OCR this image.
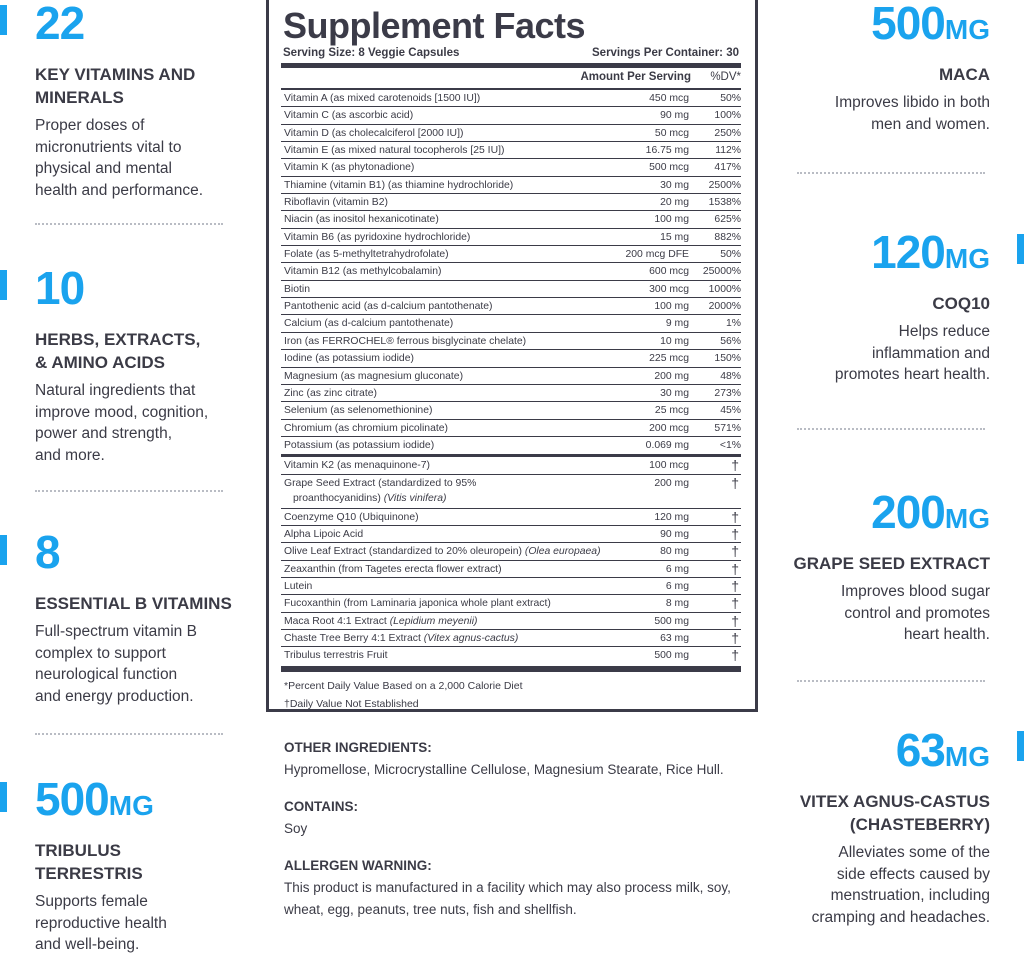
22
KEY VITAMINS AND
MINERALS
Proper doses of
micronutrients vital to
physical and mental
health and performance.
10
HERBS, EXTRACTS,
& AMINO ACIDS
Natural ingredients that
improve mood, cognition,
power and strength,
and more.
8
ESSENTIAL B VITAMINS
Full-spectrum vitamin B
complex to support
neurological function
and energy production.
500MG
TRIBULUS
TERRESTRIS
Supports female
reproductive health
and well-being.
500MG
MACA
Improves libido in both
men and women.
120MG
COQ10
Helps reduce
inflammation and
promotes heart health.
200MG
GRAPE SEED EXTRACT
Improves blood sugar
control and promotes
heart health.
63MG
VITEX AGNUS-CASTUS
(CHASTEBERRY)
Alleviates some of the
side effects caused by
menstruation, including
cramping and headaches.
Supplement Facts
Serving Size: 8 Veggie Capsules	Servings Per Container: 30
Amount Per Serving %DV*
Vitamin A (as mixed carotenoids [1500 IU])	450 mcg	50%
Vitamin C (as ascorbic acid)	90 mg 100%
Vitamin D (as cholecalciferol [2000 IU])	50 mcg 250%
Vitamin E (as mixed natural tocopherols [25 IU])	16.75 mg	112%
Vitamin K (as phytonadione)	500 mcg 417%
Thiamine (vitamin B1) (as thiamine hydrochloride)	30 mg 2500%
Riboflavin (vitamin B2)	20 mg 1538%
Niacin (as inositol hexanicotinate)	100 mg 625%
Vitamin B6 (as pyridoxine hydrochloride)	15 mg 882%
Folate (as 5-methyltetrahydrofolate)	200 mcg DFE	50%
Vitamin B12 (as methylcobalamin)	600 mcg 25000%
Biotin	300 mcg 1000%
Pantothenic acid (as d-calcium pantothenate)	100 mg 2000%
Calcium (as d-calcium pantothenate)	9 mg	1%
Iron (as FERROCHEL® ferrous bisglycinate chelate)	10 mg	56%
Iodine (as potassium iodide)	225 mcg 150%
Magnesium (as magnesium gluconate)	200 mg	48%
Zinc (as zinc citrate)	30 mg 273%
Selenium (as selenomethionine)	25 mcg	45%
Chromium (as chromium picolinate)	200 mcg 571%
Potassium (as potassium iodide)	0.069 mg	<1%
Vitamin K2 (as menaquinone-7)	100 mcg	†
Grape Seed Extract (standardized to 95%
proanthocyanidins) (Vitis vinifera)
200 mg	†
Coenzyme Q10 (Ubiquinone)	120 mg	†
Alpha Lipoic Acid	90 mg	†
Olive Leaf Extract (standardized to 20% oleuropein) (Olea europaea)	80 mg	†
Zeaxanthin (from Tagetes erecta flower extract)	6 mg	†
Lutein	6 mg	†
Fucoxanthin (from Laminaria japonica whole plant extract)	8 mg	†
Maca Root 4:1 Extract (Lepidium meyenii)	500 mg	†
Chaste Tree Berry 4:1 Extract (Vitex agnus-cactus)	63 mg	†
Tribulus terrestris Fruit	500 mg	†
*Percent Daily Value Based on a 2,000 Calorie Diet
†Daily Value Not Established
OTHER INGREDIENTS:
Hypromellose, Microcrystalline Cellulose, Magnesium Stearate, Rice Hull.
CONTAINS:
Soy
ALLERGEN WARNING:
This product is manufactured in a facility which may also process milk, soy, wheat, egg, peanuts, tree nuts, fish and shellfish.
